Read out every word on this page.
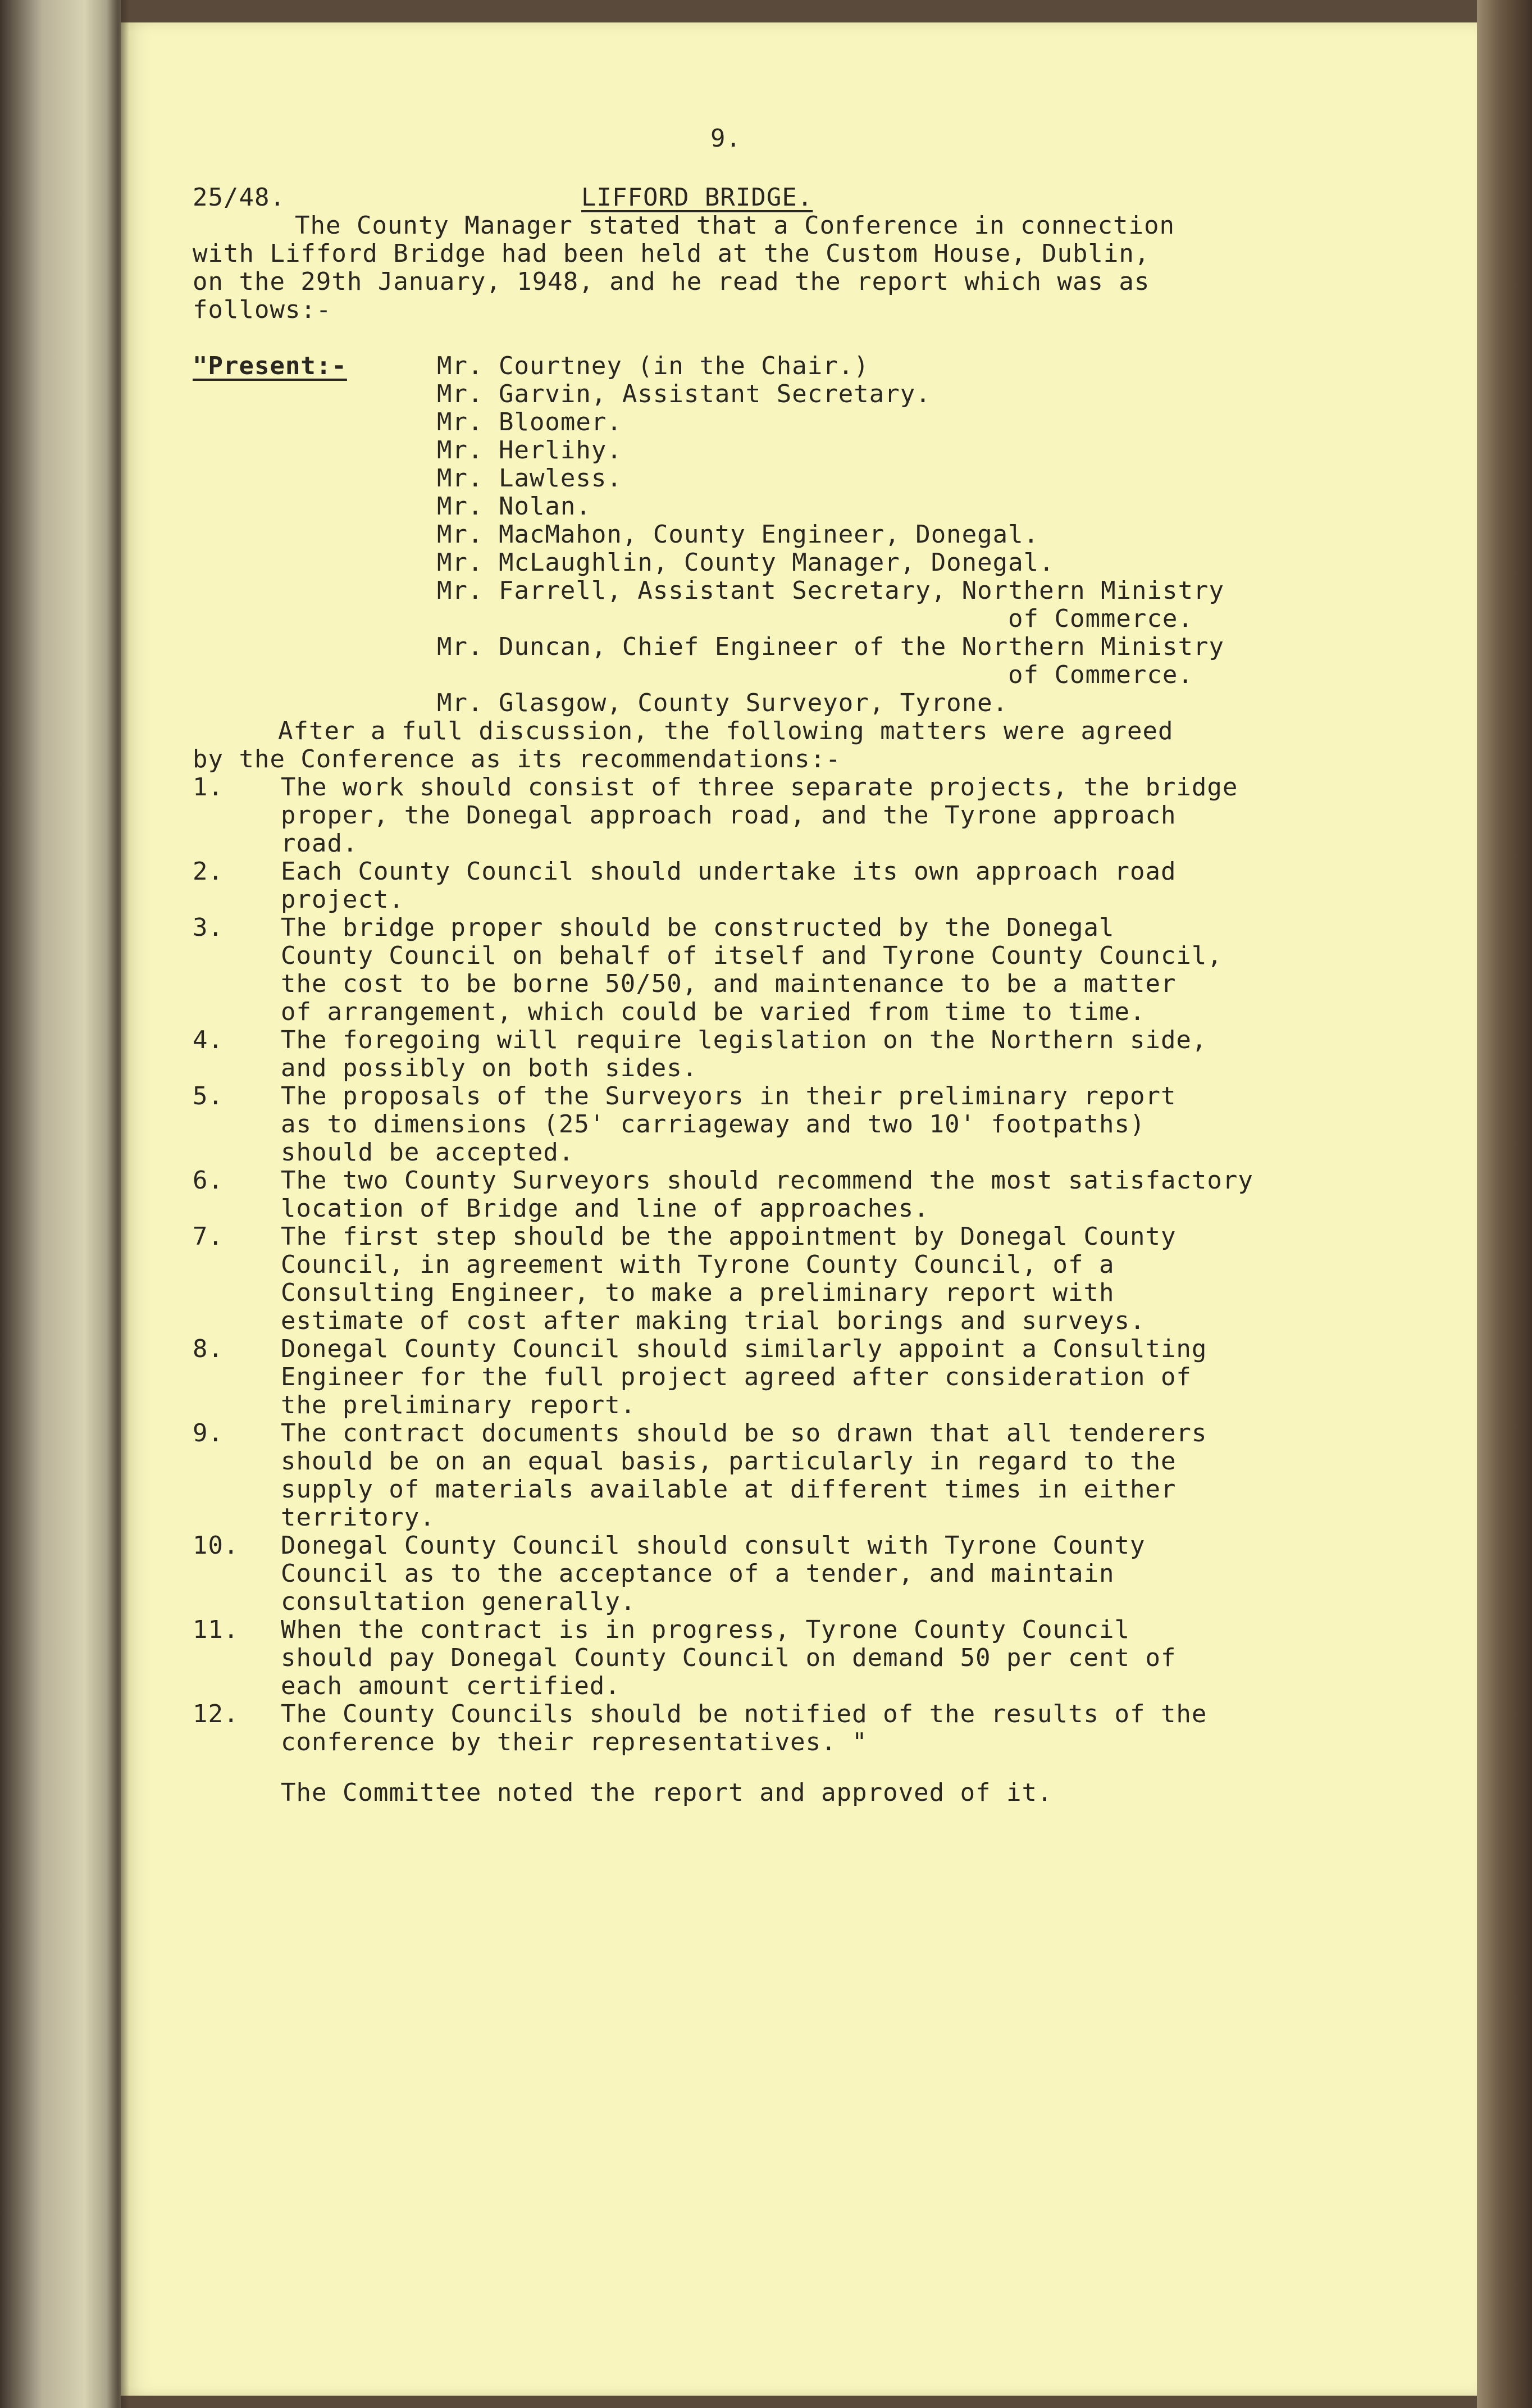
9.
25/48.	LIFFORD BRIDGE.
The County Manager stated that a Conference in connection
with Lifford Bridge had been held at the Custom House, Dublin,
on the 29th January, 1948, and he read the report which was as
follows:-
"Present:-	Mr. Courtney (in the Chair.)
Mr. Garvin, Assistant Secretary.
Mr. Bloomer.
Mr. Herlihy.
Mr. Lawless.
Mr. Nolan.
Mr. MacMahon, County Engineer, Donegal.
Mr. McLaughlin, County Manager, Donegal.
Mr. Farrell, Assistant Secretary, Northern Ministry
of Commerce.
Mr. Duncan, Chief Engineer of the Northern Ministry
of Commerce.
Mr. Glasgow, County Surveyor, Tyrone.
After a full discussion, the following matters were agreed
by the Conference as its recommendations:-
1. The work should consist of three separate projects, the bridge
proper, the Donegal approach road, and the Tyrone approach
road.
2. Each County Council should undertake its own approach road
project.
3. The bridge proper should be constructed by the Donegal
County Council on behalf of itself and Tyrone County Council,
the cost to be borne 50/50, and maintenance to be a matter
of arrangement, which could be varied from time to time.
4. The foregoing will require legislation on the Northern side,
and possibly on both sides.
5. The proposals of the Surveyors in their preliminary report
as to dimensions (25' carriageway and two 10' footpaths)
should be accepted.
6. The two County Surveyors should recommend the most satisfactory
location of Bridge and line of approaches.
7. The first step should be the appointment by Donegal County
Council, in agreement with Tyrone County Council, of a
Consulting Engineer, to make a preliminary report with
estimate of cost after making trial borings and surveys.
8. Donegal County Council should similarly appoint a Consulting
Engineer for the full project agreed after consideration of
the preliminary report.
9. The contract documents should be so drawn that all tenderers
should be on an equal basis, particularly in regard to the
supply of materials available at different times in either
territory.
10. Donegal County Council should consult with Tyrone County
Council as to the acceptance of a tender, and maintain
consultation generally.
11. When the contract is in progress, Tyrone County Council
should pay Donegal County Council on demand 50 per cent of
each amount certified.
12. The County Councils should be notified of the results of the
conference by their representatives. "
The Committee noted the report and approved of it.
